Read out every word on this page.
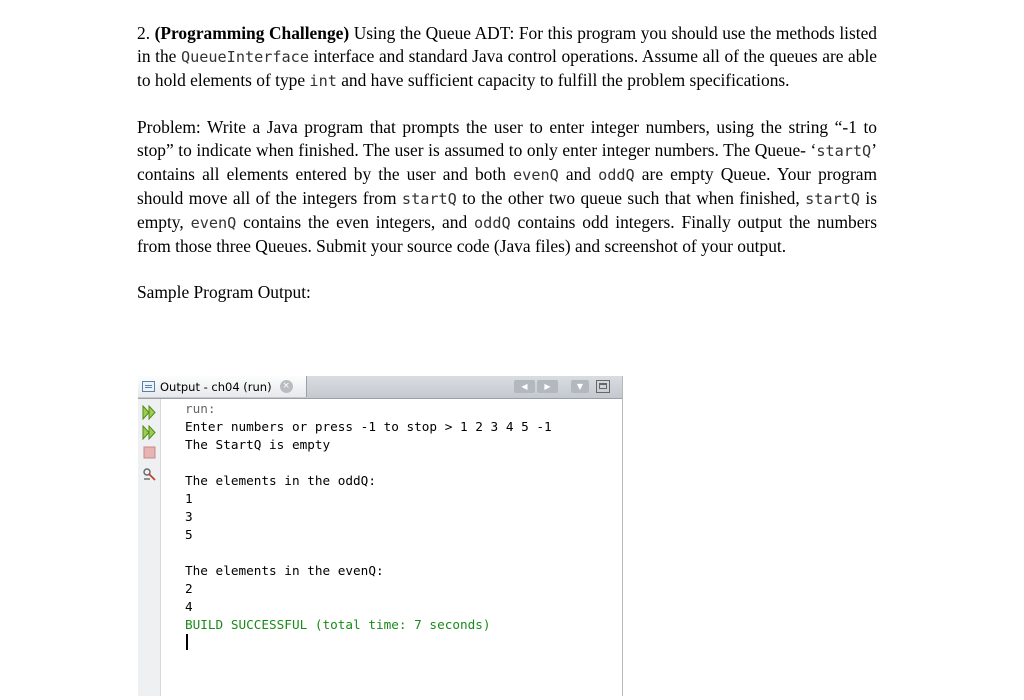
2. (Programming Challenge) Using the Queue ADT: For this program you should use the methods listed in the QueueInterface interface and standard Java control operations. Assume all of the queues are able to hold elements of type int and have sufficient capacity to fulfill the problem specifications.

Problem: Write a Java program that prompts the user to enter integer numbers, using the string “-1 to stop” to indicate when finished. The user is assumed to only enter integer numbers. The Queue- ‘startQ’ contains all elements entered by the user and both evenQ and oddQ are empty Queue. Your program should move all of the integers from startQ to the other two queue such that when finished, startQ is empty, evenQ contains the even integers, and oddQ contains odd integers. Finally output the numbers from those three Queues. Submit your source code (Java files) and screenshot of your output.

Sample Program Output:

Output - ch04 (run)	×	◀	▶	▼
run:
Enter numbers or press -1 to stop > 1 2 3 4 5 -1
The StartQ is empty
The elements in the oddQ:
1
3
5
The elements in the evenQ:
2
4
BUILD SUCCESSFUL (total time: 7 seconds)
